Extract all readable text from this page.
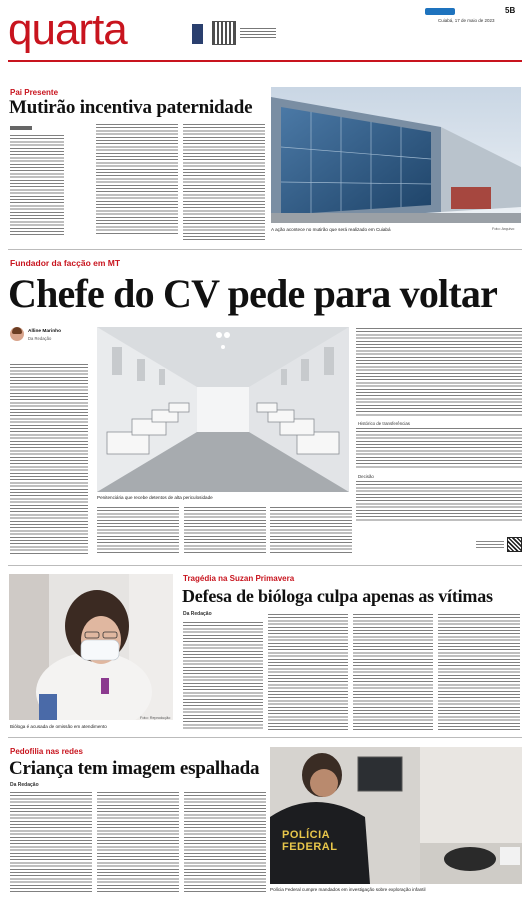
quarta	5B
Cuiabá, 17 de maio de 2023
Pai Presente
Mutirão incentiva paternidade
A ação acontece no mutirão que será realizado em Cuiabá	Foto: Arquivo
Fundador da facção em MT
Chefe do CV pede para voltar
Alline Marinho
Da Redação
Penitenciária que recebe detentos de alta periculosidade
Histórico de transferências
Decisão
Foto: Reprodução
Bióloga é acusada de omissão em atendimento
Tragédia na Suzan Primavera
Defesa de bióloga culpa apenas as vítimas
Da Redação
Pedofilia nas redes
Criança tem imagem espalhada
Da Redação
POLÍCIA FEDERAL
Polícia Federal cumpre mandados em investigação sobre exploração infantil
